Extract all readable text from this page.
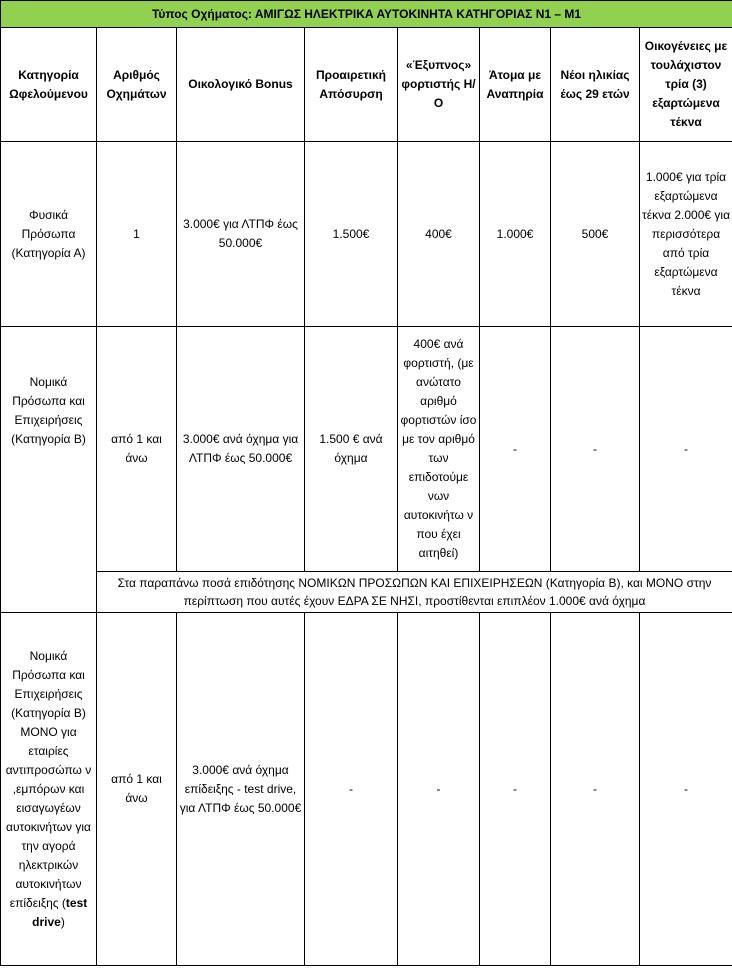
Τύπος Οχήματος: ΑΜΙΓΩΣ ΗΛΕΚΤΡΙΚΑ ΑΥΤΟΚΙΝΗΤΑ ΚΑΤΗΓΟΡΙΑΣ Ν1 – Μ1							
Κατηγορία Ωφελούμενου	Αριθμός Οχημάτων	Οικολογικό Bonus	Προαιρετική Απόσυρση	«Έξυπνος» φορτιστής Η/Ο	Άτομα με Αναπηρία	Νέοι ηλικίας έως 29 ετών	Οικογένειες με τουλάχιστον τρία (3) εξαρτώμενα τέκνα
Φυσικά Πρόσωπα (Κατηγορία Α)	1	3.000€ για ΛΤΠΦ έως 50.000€	1.500€	400€	1.000€	500€	1.000€ για τρία εξαρτώμενα τέκνα 2.000€ για περισσότερα από τρία εξαρτώμενα τέκνα
Νομικά Πρόσωπα και Επιχειρήσεις (Κατηγορία Β)	από 1 και άνω	3.000€ ανά όχημα για ΛΤΠΦ έως 50.000€	1.500 € ανά όχημα	400€ ανά φορτιστή, (με ανώτατο αριθμό φορτιστών ίσο με τον αριθμό των επιδοτούμε νων αυτοκινήτω ν που έχει αιτηθεί)	-	-	-
	Στα παραπάνω ποσά επιδότησης ΝΟΜΙΚΩΝ ΠΡΟΣΩΠΩΝ ΚΑΙ ΕΠΙΧΕΙΡΗΣΕΩΝ (Κατηγορία Β), και ΜΟΝΟ στην περίπτωση που αυτές έχουν ΕΔΡΑ ΣΕ ΝΗΣΙ, προστίθενται επιπλέον 1.000€ ανά όχημα						
Νομικά Πρόσωπα και Επιχειρήσεις (Κατηγορία Β) ΜΟΝΟ για εταιρίες αντιπροσώπω ν ,εμπόρων και εισαγωγέων αυτοκινήτων για την αγορά ηλεκτρικών αυτοκινήτων επίδειξης (test drive)	από 1 και άνω	3.000€ ανά όχημα επίδειξης - test drive, για ΛΤΠΦ έως 50.000€	-	-	-	-	-
